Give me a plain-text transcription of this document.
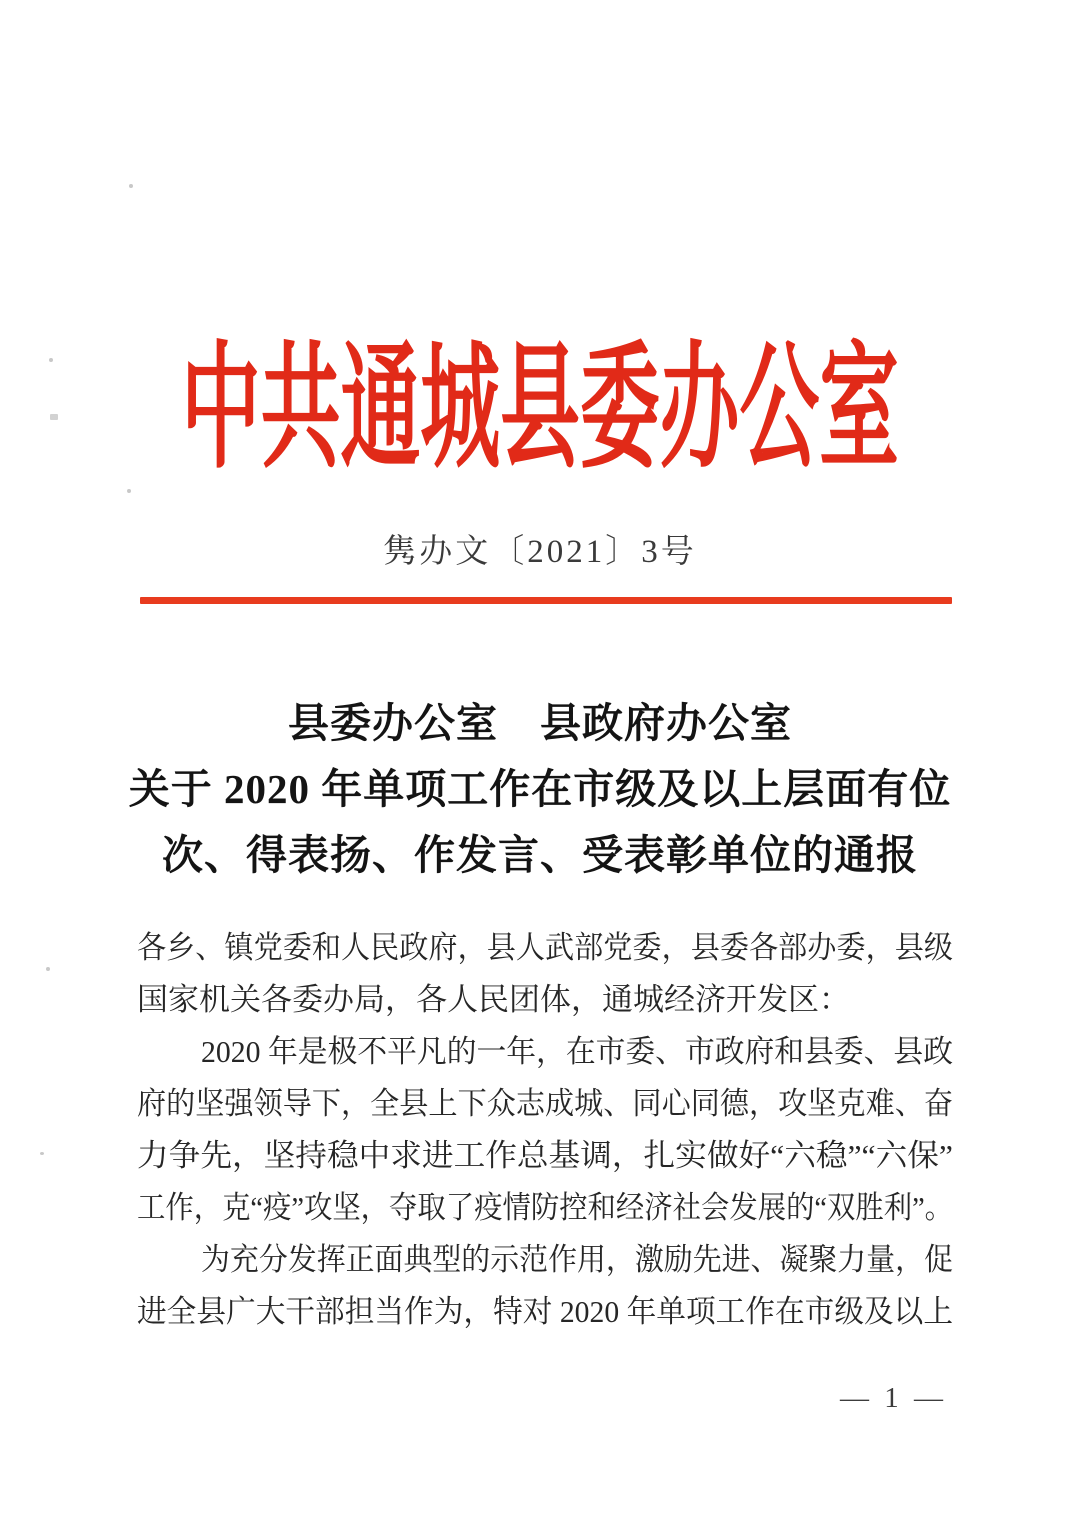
中共通城县委办公室
隽办文〔2021〕3号
县委办公室　县政府办公室
关于 2020 年单项工作在市级及以上层面有位
次、得表扬、作发言、受表彰单位的通报
各乡、镇党委和人民政府，县人武部党委，县委各部办委，县级
国家机关各委办局，各人民团体，通城经济开发区：
2020 年是极不平凡的一年，在市委、市政府和县委、县政
府的坚强领导下，全县上下众志成城、同心同德，攻坚克难、奋
力争先，坚持稳中求进工作总基调，扎实做好“六稳”“六保”
工作，克“疫”攻坚，夺取了疫情防控和经济社会发展的“双胜利”。
为充分发挥正面典型的示范作用，激励先进、凝聚力量，促
进全县广大干部担当作为，特对 2020 年单项工作在市级及以上
— 1 —
